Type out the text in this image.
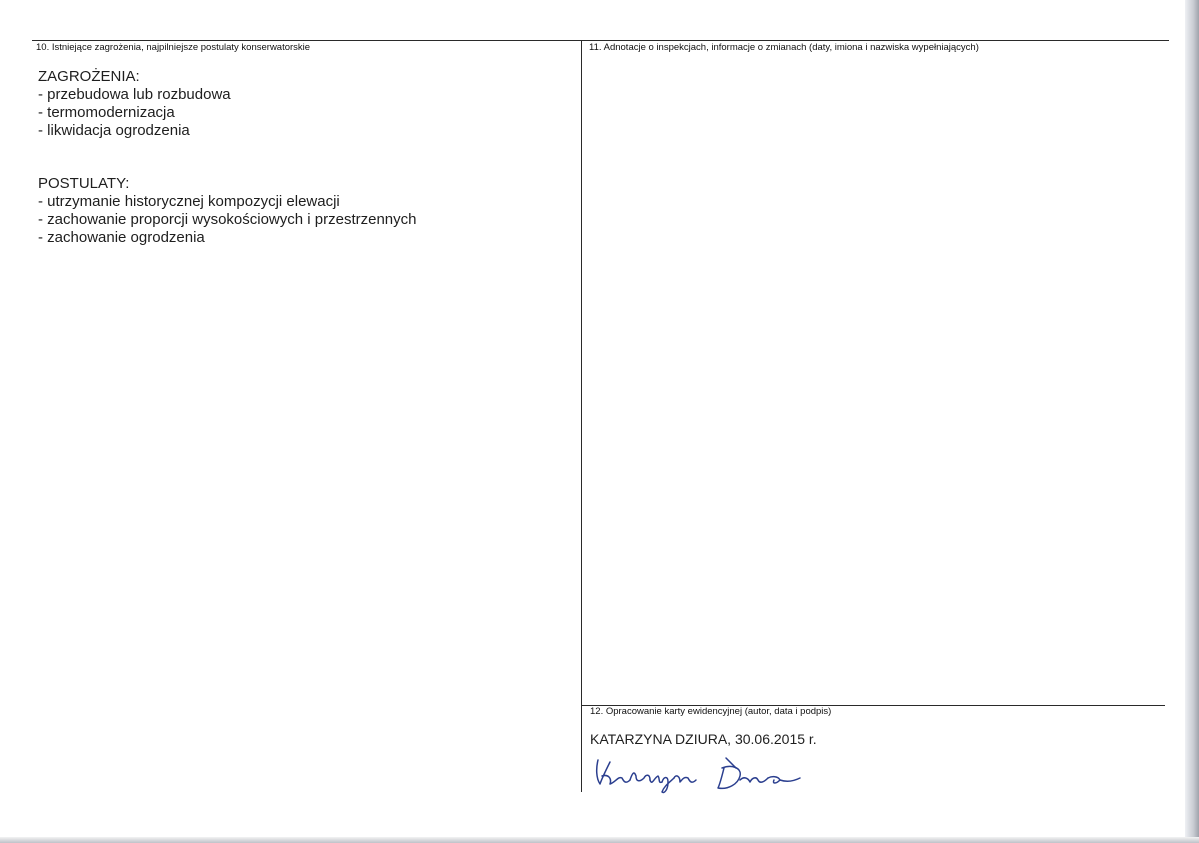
10. Istniejące zagrożenia, najpilniejsze postulaty konserwatorskie
ZAGROŻENIA:
- przebudowa lub rozbudowa
- termomodernizacja
- likwidacja ogrodzenia
POSTULATY:
- utrzymanie historycznej kompozycji elewacji
- zachowanie proporcji wysokościowych i przestrzennych
- zachowanie ogrodzenia
11. Adnotacje o inspekcjach, informacje o zmianach (daty, imiona i nazwiska wypełniających)
12. Opracowanie karty ewidencyjnej (autor, data i podpis)
KATARZYNA DZIURA, 30.06.2015 r.
